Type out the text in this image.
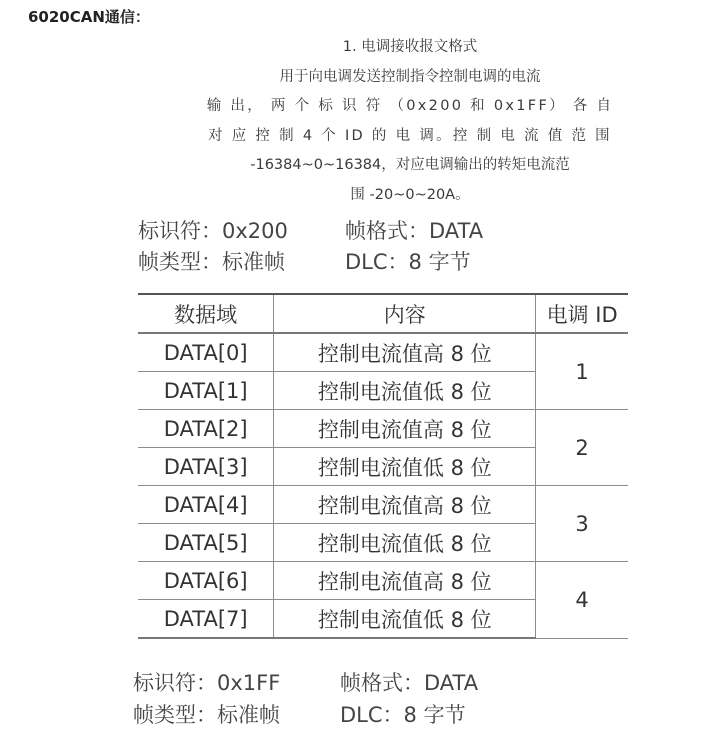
6020CAN通信：
1. 电调接收报文格式
用于向电调发送控制指令控制电调的电流
输 出， 两 个 标 识 符 （0x200 和 0x1FF） 各 自
对 应 控 制 4 个 ID 的 电 调。控 制 电 流 值 范 围
-16384~0~16384，对应电调输出的转矩电流范
围 -20~0~20A。
标识符：0x200	帧格式：DATA
帧类型：标准帧	DLC：8 字节
数据域	内容	电调 ID
DATA[0]	控制电流值高 8 位	1
DATA[1]	控制电流值低 8 位	
DATA[2]	控制电流值高 8 位	2
DATA[3]	控制电流值低 8 位	
DATA[4]	控制电流值高 8 位	3
DATA[5]	控制电流值低 8 位	
DATA[6]	控制电流值高 8 位	4
DATA[7]	控制电流值低 8 位	
标识符：0x1FF	帧格式：DATA
帧类型：标准帧	DLC：8 字节
